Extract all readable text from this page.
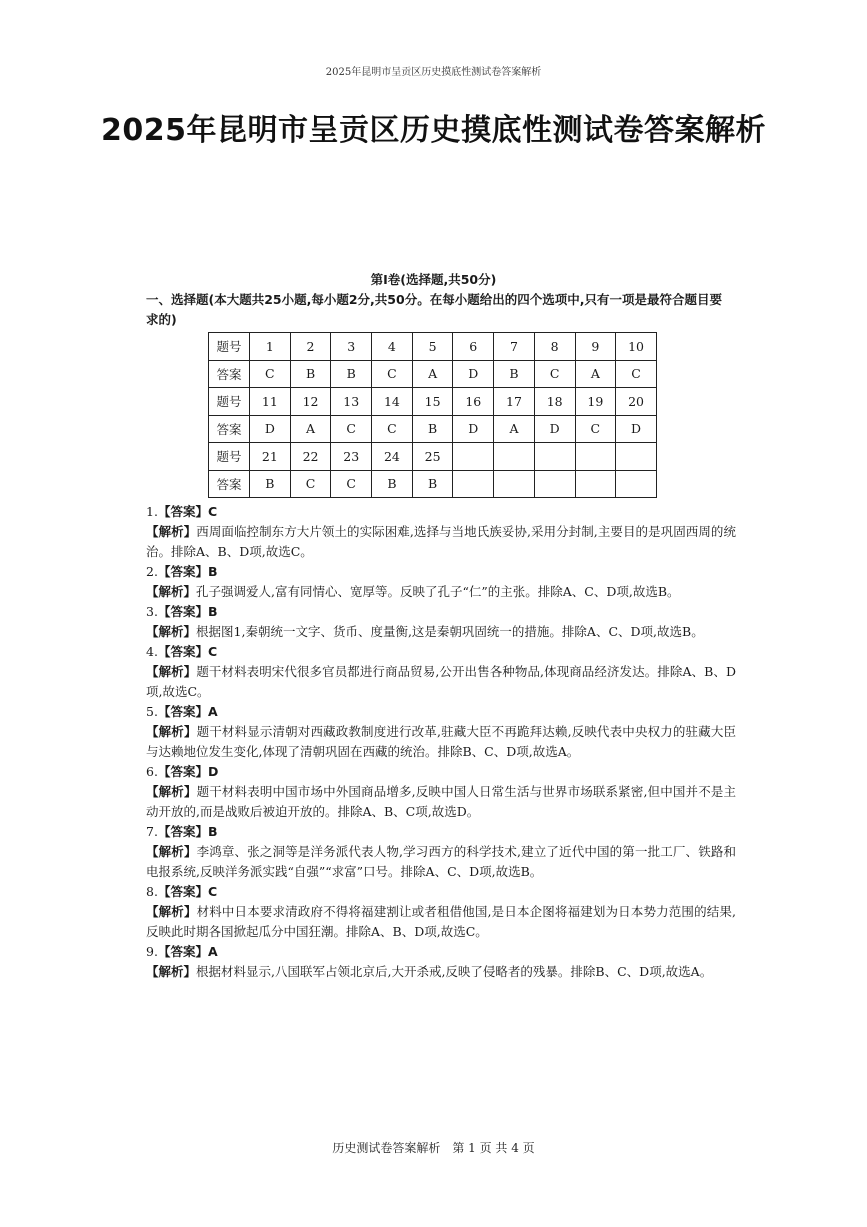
2025年昆明市呈贡区历史摸底性测试卷答案解析
2025年昆明市呈贡区历史摸底性测试卷答案解析
第Ⅰ卷(选择题,共50分)
一、选择题(本大题共25小题,每小题2分,共50分。在每小题给出的四个选项中,只有一项是最符合题目要求的)
题号	1	2	3	4	5	6	7	8	9	10
答案	C	B	B	C	A	D	B	C	A	C
题号	11	12	13	14	15	16	17	18	19	20
答案	D	A	C	C	B	D	A	D	C	D
题号	21	22	23	24	25					
答案	B	C	C	B	B					
1.【答案】C
【解析】西周面临控制东方大片领土的实际困难,选择与当地氏族妥协,采用分封制,主要目的是巩固西周的统治。排除A、B、D项,故选C。
2.【答案】B
【解析】孔子强调爱人,富有同情心、宽厚等。反映了孔子“仁”的主张。排除A、C、D项,故选B。
3.【答案】B
【解析】根据图1,秦朝统一文字、货币、度量衡,这是秦朝巩固统一的措施。排除A、C、D项,故选B。
4.【答案】C
【解析】题干材料表明宋代很多官员都进行商品贸易,公开出售各种物品,体现商品经济发达。排除A、B、D项,故选C。
5.【答案】A
【解析】题干材料显示清朝对西藏政教制度进行改革,驻藏大臣不再跪拜达赖,反映代表中央权力的驻藏大臣与达赖地位发生变化,体现了清朝巩固在西藏的统治。排除B、C、D项,故选A。
6.【答案】D
【解析】题干材料表明中国市场中外国商品增多,反映中国人日常生活与世界市场联系紧密,但中国并不是主动开放的,而是战败后被迫开放的。排除A、B、C项,故选D。
7.【答案】B
【解析】李鸿章、张之洞等是洋务派代表人物,学习西方的科学技术,建立了近代中国的第一批工厂、铁路和电报系统,反映洋务派实践“自强”“求富”口号。排除A、C、D项,故选B。
8.【答案】C
【解析】材料中日本要求清政府不得将福建割让或者租借他国,是日本企图将福建划为日本势力范围的结果,反映此时期各国掀起瓜分中国狂潮。排除A、B、D项,故选C。
9.【答案】A
【解析】根据材料显示,八国联军占领北京后,大开杀戒,反映了侵略者的残暴。排除B、C、D项,故选A。
历史测试卷答案解析　第 1 页 共 4 页
